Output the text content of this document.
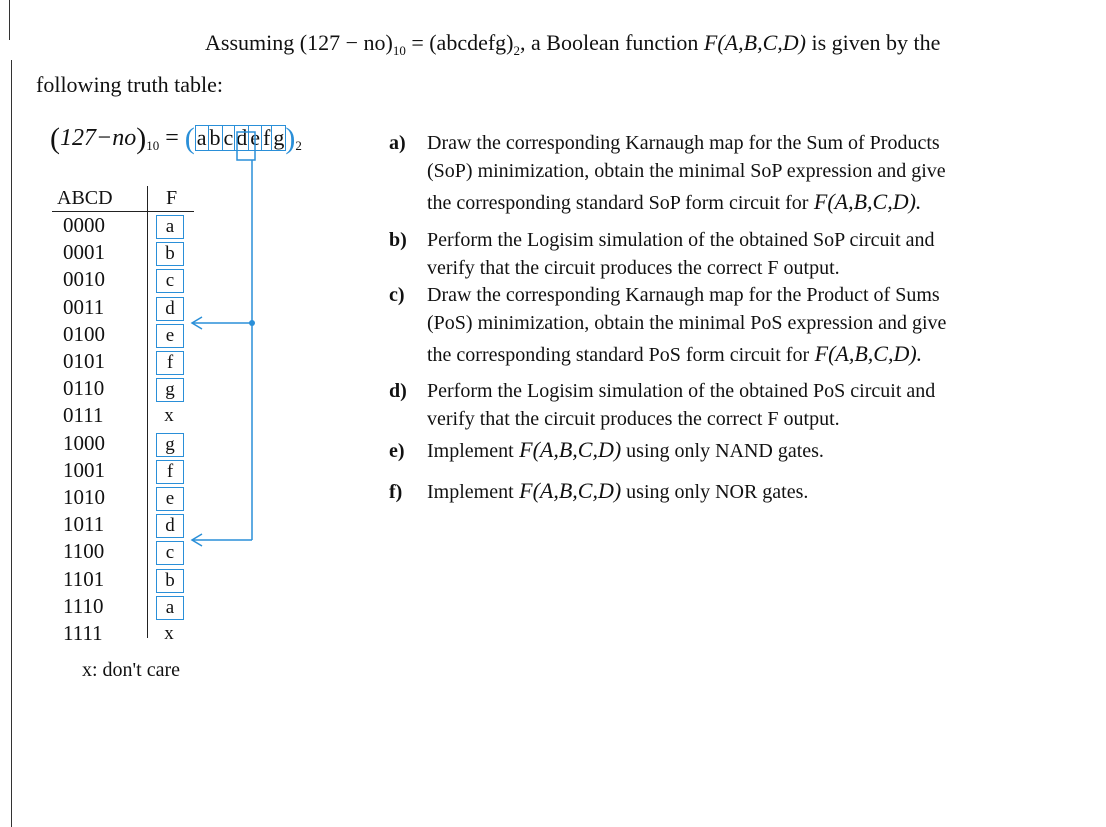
Assuming $(127 - no)_{10}$ = $(abcdefg)_2$, a Boolean function F(A,B,C,D) is given by the
following truth table:
$(127-no)_{10}$ = ( a b c d e f g )$_2$
ABCD	F
0000	a
0001	b
0010	c
0011	d
0100	e
0101	f
0110	g
0111	x
1000	g
1001	f
1010	e
1011	d
1100	c
1101	b
1110	a
1111	x
x: don't care
a) Draw the corresponding Karnaugh map for the Sum of Products
(SoP) minimization, obtain the minimal SoP expression and give
the corresponding standard SoP form circuit for F(A,B,C,D).
b) Perform the Logisim simulation of the obtained SoP circuit and
verify that the circuit produces the correct F output.
c) Draw the corresponding Karnaugh map for the Product of Sums
(PoS) minimization, obtain the minimal PoS expression and give
the corresponding standard PoS form circuit for F(A,B,C,D).
d) Perform the Logisim simulation of the obtained PoS circuit and
verify that the circuit produces the correct F output.
e) Implement F(A,B,C,D) using only NAND gates.
f) Implement F(A,B,C,D) using only NOR gates.
